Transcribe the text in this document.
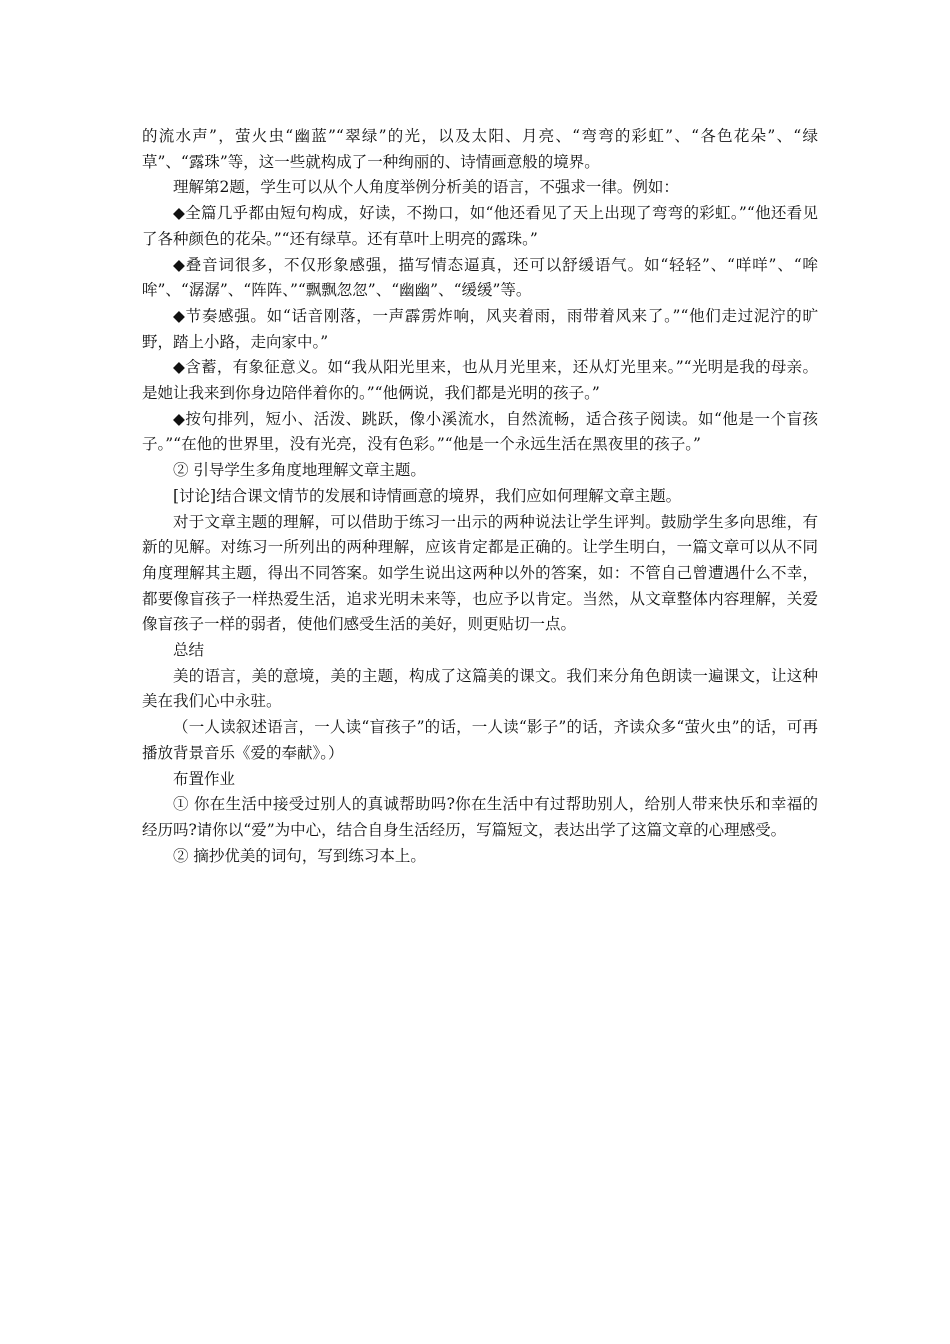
的流水声”，萤火虫“幽蓝”“翠绿”的光，以及太阳、月亮、“弯弯的彩虹”、“各色花朵”、“绿草”、“露珠”等，这一些就构成了一种绚丽的、诗情画意般的境界。

理解第2题，学生可以从个人角度举例分析美的语言，不强求一律。例如：

◆全篇几乎都由短句构成，好读，不拗口，如“他还看见了天上出现了弯弯的彩虹。”“他还看见了各种颜色的花朵。”“还有绿草。还有草叶上明亮的露珠。”

◆叠音词很多，不仅形象感强，描写情态逼真，还可以舒缓语气。如“轻轻”、“咩咩”、“哞哞”、“潺潺”、“阵阵、”“飘飘忽忽”、“幽幽”、“缓缓”等。

◆节奏感强。如“话音刚落，一声霹雳炸响，风夹着雨，雨带着风来了。”“他们走过泥泞的旷野，踏上小路，走向家中。”

◆含蓄，有象征意义。如“我从阳光里来，也从月光里来，还从灯光里来。”“光明是我的母亲。是她让我来到你身边陪伴着你的。”“他俩说，我们都是光明的孩子。”

◆按句排列，短小、活泼、跳跃，像小溪流水，自然流畅，适合孩子阅读。如“他是一个盲孩子。”“在他的世界里，没有光亮，没有色彩。”“他是一个永远生活在黑夜里的孩子。”

② 引导学生多角度地理解文章主题。

[讨论]结合课文情节的发展和诗情画意的境界，我们应如何理解文章主题。

对于文章主题的理解，可以借助于练习一出示的两种说法让学生评判。鼓励学生多向思维，有新的见解。对练习一所列出的两种理解，应该肯定都是正确的。让学生明白，一篇文章可以从不同角度理解其主题，得出不同答案。如学生说出这两种以外的答案，如：不管自己曾遭遇什么不幸，都要像盲孩子一样热爱生活，追求光明未来等，也应予以肯定。当然，从文章整体内容理解，关爱像盲孩子一样的弱者，使他们感受生活的美好，则更贴切一点。

总结

美的语言，美的意境，美的主题，构成了这篇美的课文。我们来分角色朗读一遍课文，让这种美在我们心中永驻。

（一人读叙述语言，一人读“盲孩子”的话，一人读“影子”的话，齐读众多“萤火虫”的话，可再播放背景音乐《爱的奉献》。）

布置作业

① 你在生活中接受过别人的真诚帮助吗?你在生活中有过帮助别人，给别人带来快乐和幸福的经历吗?请你以“爱”为中心，结合自身生活经历，写篇短文，表达出学了这篇文章的心理感受。

② 摘抄优美的词句，写到练习本上。
